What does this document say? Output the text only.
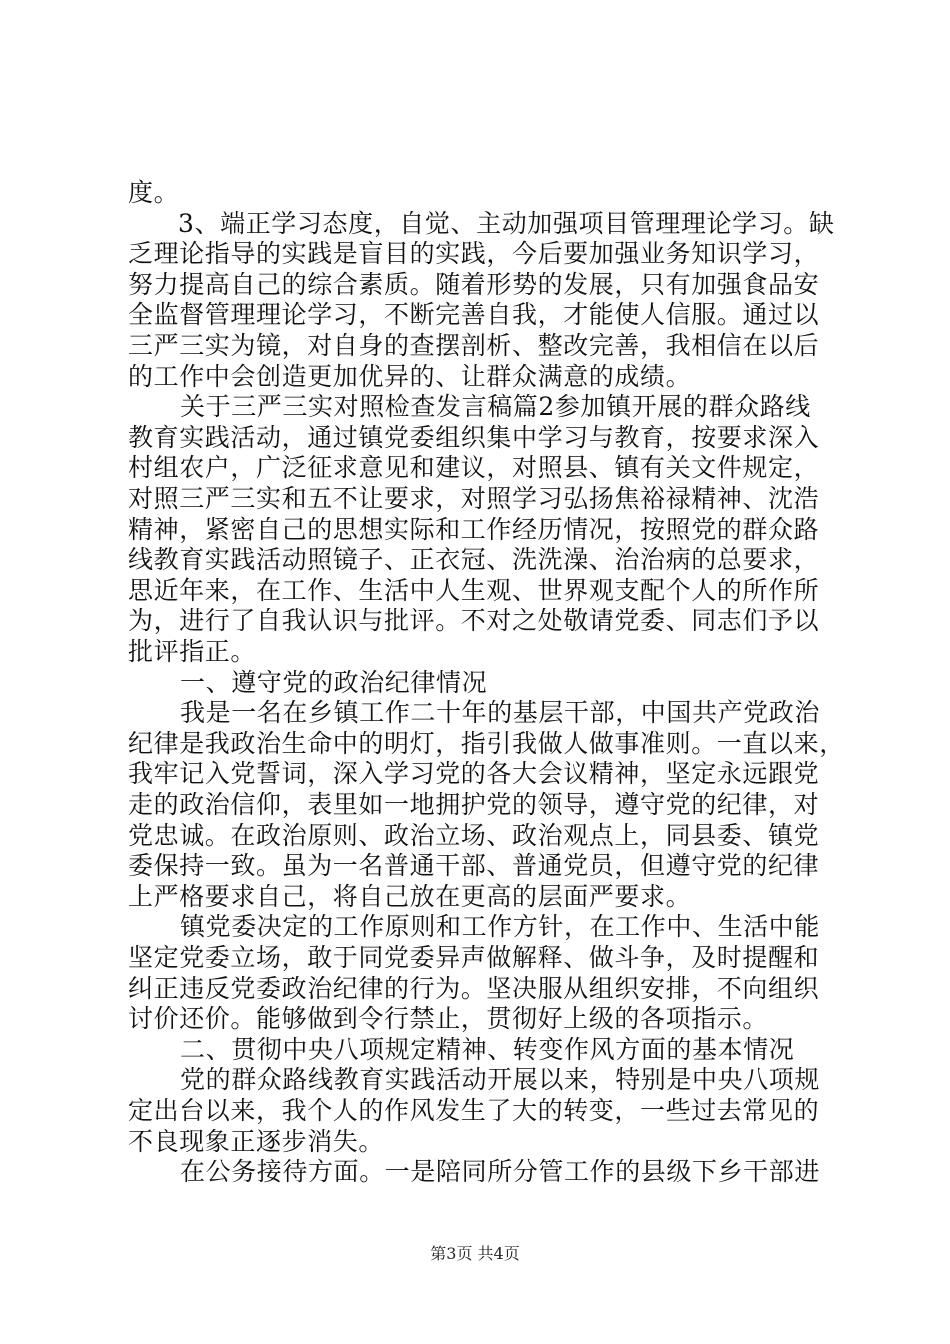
度。
3、端正学习态度，自觉、主动加强项目管理理论学习。缺
乏理论指导的实践是盲目的实践，今后要加强业务知识学习，
努力提高自己的综合素质。随着形势的发展，只有加强食品安
全监督管理理论学习，不断完善自我，才能使人信服。通过以
三严三实为镜，对自身的查摆剖析、整改完善，我相信在以后
的工作中会创造更加优异的、让群众满意的成绩。
关于三严三实对照检查发言稿篇2参加镇开展的群众路线
教育实践活动，通过镇党委组织集中学习与教育，按要求深入
村组农户，广泛征求意见和建议，对照县、镇有关文件规定，
对照三严三实和五不让要求，对照学习弘扬焦裕禄精神、沈浩
精神，紧密自己的思想实际和工作经历情况，按照党的群众路
线教育实践活动照镜子、正衣冠、洗洗澡、治治病的总要求，
思近年来，在工作、生活中人生观、世界观支配个人的所作所
为，进行了自我认识与批评。不对之处敬请党委、同志们予以
批评指正。
一、遵守党的政治纪律情况
我是一名在乡镇工作二十年的基层干部，中国共产党政治
纪律是我政治生命中的明灯，指引我做人做事准则。一直以来，
我牢记入党誓词，深入学习党的各大会议精神，坚定永远跟党
走的政治信仰，表里如一地拥护党的领导，遵守党的纪律，对
党忠诚。在政治原则、政治立场、政治观点上，同县委、镇党
委保持一致。虽为一名普通干部、普通党员，但遵守党的纪律
上严格要求自己，将自己放在更高的层面严要求。
镇党委决定的工作原则和工作方针，在工作中、生活中能
坚定党委立场，敢于同党委异声做解释、做斗争，及时提醒和
纠正违反党委政治纪律的行为。坚决服从组织安排，不向组织
讨价还价。能够做到令行禁止，贯彻好上级的各项指示。
二、贯彻中央八项规定精神、转变作风方面的基本情况
党的群众路线教育实践活动开展以来，特别是中央八项规
定出台以来，我个人的作风发生了大的转变，一些过去常见的
不良现象正逐步消失。
在公务接待方面。一是陪同所分管工作的县级下乡干部进
第3页 共4页
